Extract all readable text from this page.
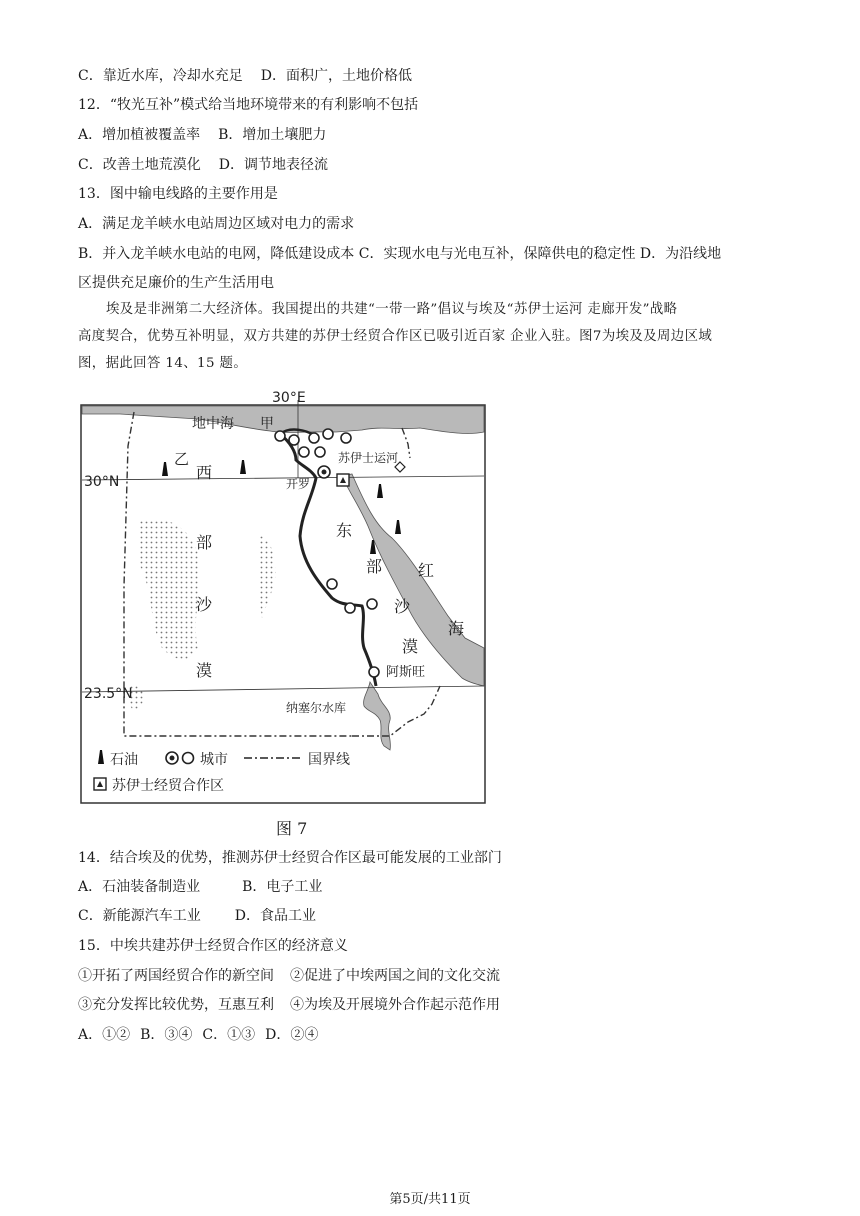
C．靠近水库，冷却水充足 D．面积广，土地价格低
12．“牧光互补”模式给当地环境带来的有利影响不包括
A．增加植被覆盖率 B．增加土壤肥力
C．改善土地荒漠化 D．调节地表径流
13．图中输电线路的主要作用是
A．满足龙羊峡水电站周边区域对电力的需求
B．并入龙羊峡水电站的电网，降低建设成本 C．实现水电与光电互补，保障供电的稳定性 D．为沿线地
区提供充足廉价的生产生活用电

埃及是非洲第二大经济体。我国提出的共建“一带一路”倡议与埃及“苏伊士运河 走廊开发”战略

高度契合，优势互补明显，双方共建的苏伊士经贸合作区已吸引近百家 企业入驻。图7为埃及及周边区域

图，据此回答 14、15 题。

30°E
30°N
23.5°N
地中海 甲
乙	苏伊士运河
开罗
阿斯旺
纳塞尔水库
西
部
沙
漠
东
部
沙
漠
红
海
石油	城市	国界线
苏伊士经贸合作区
图 7
14．结合埃及的优势，推测苏伊士经贸合作区最可能发展的工业部门
A．石油装备制造业	B．电子工业
C．新能源汽车工业 D．食品工业
15．中埃共建苏伊士经贸合作区的经济意义
①开拓了两国经贸合作的新空间 ②促进了中埃两国之间的文化交流
③充分发挥比较优势，互惠互利 ④为埃及开展境外合作起示范作用
A．①② B．③④ C．①③ D．②④
第5页/共11页
